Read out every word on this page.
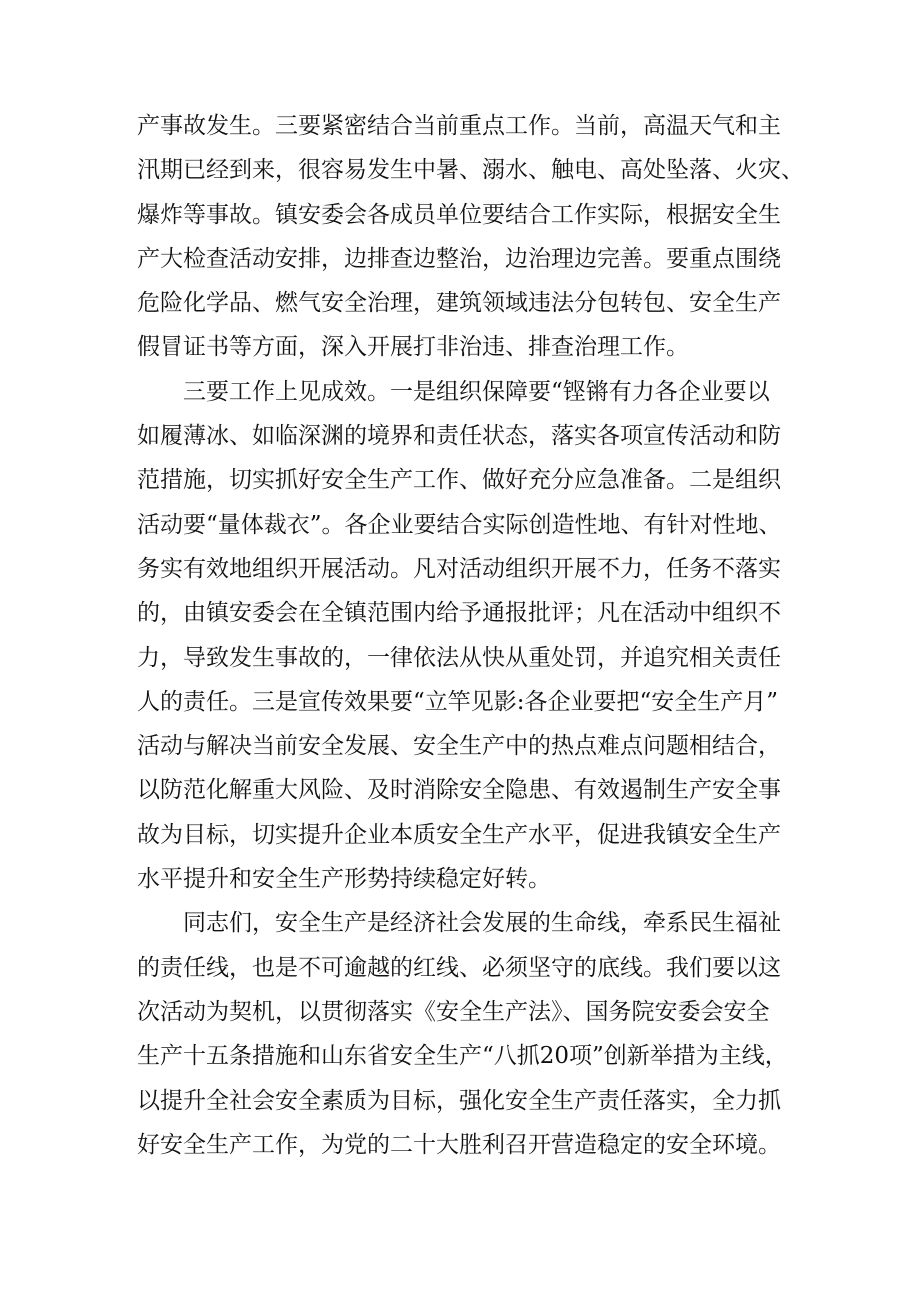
产事故发生。三要紧密结合当前重点工作。当前，高温天气和主
汛期已经到来，很容易发生中暑、溺水、触电、高处坠落、火灾、
爆炸等事故。镇安委会各成员单位要结合工作实际，根据安全生
产大检查活动安排，边排查边整治，边治理边完善。要重点围绕
危险化学品、燃气安全治理，建筑领域违法分包转包、安全生产
假冒证书等方面，深入开展打非治违、排查治理工作。
三要工作上见成效。一是组织保障要“铿锵有力各企业要以
如履薄冰、如临深渊的境界和责任状态，落实各项宣传活动和防
范措施，切实抓好安全生产工作、做好充分应急准备。二是组织
活动要“量体裁衣”。各企业要结合实际创造性地、有针对性地、
务实有效地组织开展活动。凡对活动组织开展不力，任务不落实
的，由镇安委会在全镇范围内给予通报批评；凡在活动中组织不
力，导致发生事故的，一律依法从快从重处罚，并追究相关责任
人的责任。三是宣传效果要“立竿见影:各企业要把“安全生产月”
活动与解决当前安全发展、安全生产中的热点难点问题相结合，
以防范化解重大风险、及时消除安全隐患、有效遏制生产安全事
故为目标，切实提升企业本质安全生产水平，促进我镇安全生产
水平提升和安全生产形势持续稳定好转。
同志们，安全生产是经济社会发展的生命线，牵系民生福祉
的责任线，也是不可逾越的红线、必须坚守的底线。我们要以这
次活动为契机，以贯彻落实《安全生产法》、国务院安委会安全
生产十五条措施和山东省安全生产“八抓20项”创新举措为主线，
以提升全社会安全素质为目标，强化安全生产责任落实，全力抓
好安全生产工作，为党的二十大胜利召开营造稳定的安全环境。
